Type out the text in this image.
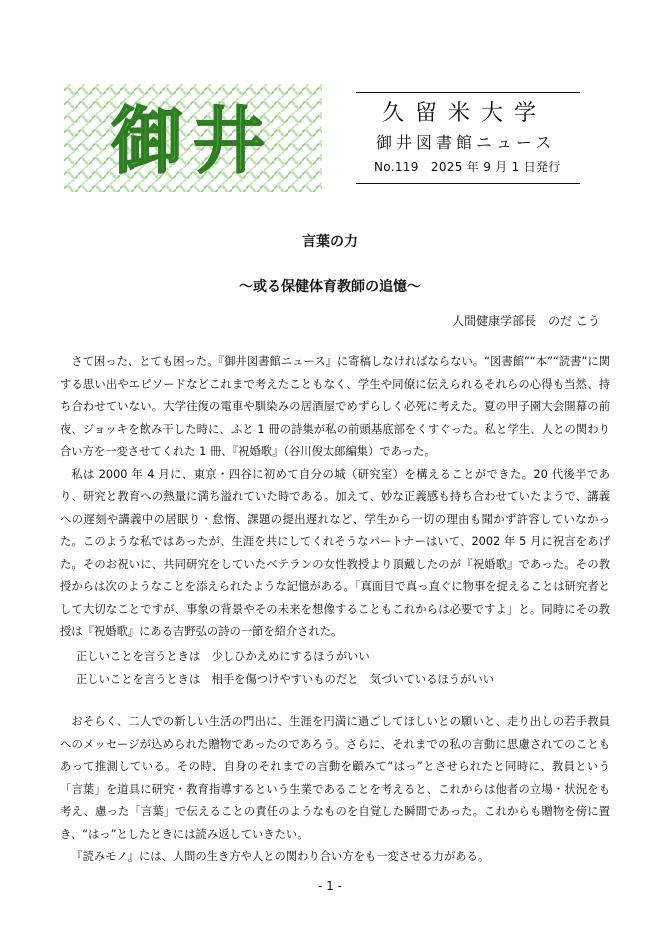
御井	久留米大学
御井図書館ニュース
No.119　2025 年 9 月 1 日発行
言葉の力
～或る保健体育教師の追憶～
人間健康学部長　のだ こう

さて困った、とても困った。『御井図書館ニュース』に寄稿しなければならない。“図書館”“本”“読書”に関する思い出やエピソードなどこれまで考えたこともなく、学生や同僚に伝えられるそれらの心得も当然、持ち合わせていない。大学往復の電車や馴染みの居酒屋でめずらしく必死に考えた。夏の甲子園大会開幕の前夜、ジョッキを飲み干した時に、ふと 1 冊の詩集が私の前頭基底部をくすぐった。私と学生、人との関わり合い方を一変させてくれた 1 冊、『祝婚歌』（谷川俊太郎編集）であった。

私は 2000 年 4 月に、東京・四谷に初めて自分の城（研究室）を構えることができた。20 代後半であり、研究と教育への熱量に満ち溢れていた時である。加えて、妙な正義感も持ち合わせていたようで、講義への遅刻や講義中の居眠り・怠惰、課題の提出遅れなど、学生から一切の理由も聞かず許容していなかった。このような私ではあったが、生涯を共にしてくれそうなパートナーはいて、2002 年 5 月に祝言をあげた。そのお祝いに、共同研究をしていたベテランの女性教授より頂戴したのが『祝婚歌』であった。その教授からは次のようなことを添えられたような記憶がある。「真面目で真っ直ぐに物事を捉えることは研究者として大切なことですが、事象の背景やその未来を想像することもこれからは必要ですよ」と。同時にその教授は『祝婚歌』にある吉野弘の詩の一節を紹介された。

正しいことを言うときは　少しひかえめにするほうがいい

正しいことを言うときは　相手を傷つけやすいものだと　気づいているほうがいい

おそらく、二人での新しい生活の門出に、生涯を円満に過ごしてほしいとの願いと、走り出しの若手教員へのメッセージが込められた贈物であったのであろう。さらに、それまでの私の言動に思慮されてのこともあって推測している。その時、自身のそれまでの言動を顧みて“はっ”とさせられたと同時に、教員という「言葉」を道具に研究・教育指導するという生業であることを考えると、これからは他者の立場・状況をも考え、慮った「言葉」で伝えることの責任のようなものを自覚した瞬間であった。これからも贈物を傍に置き、“はっ”としたときには読み返していきたい。

『読みモノ』には、人間の生き方や人との関わり合い方をも一変させる力がある。

- 1 -
